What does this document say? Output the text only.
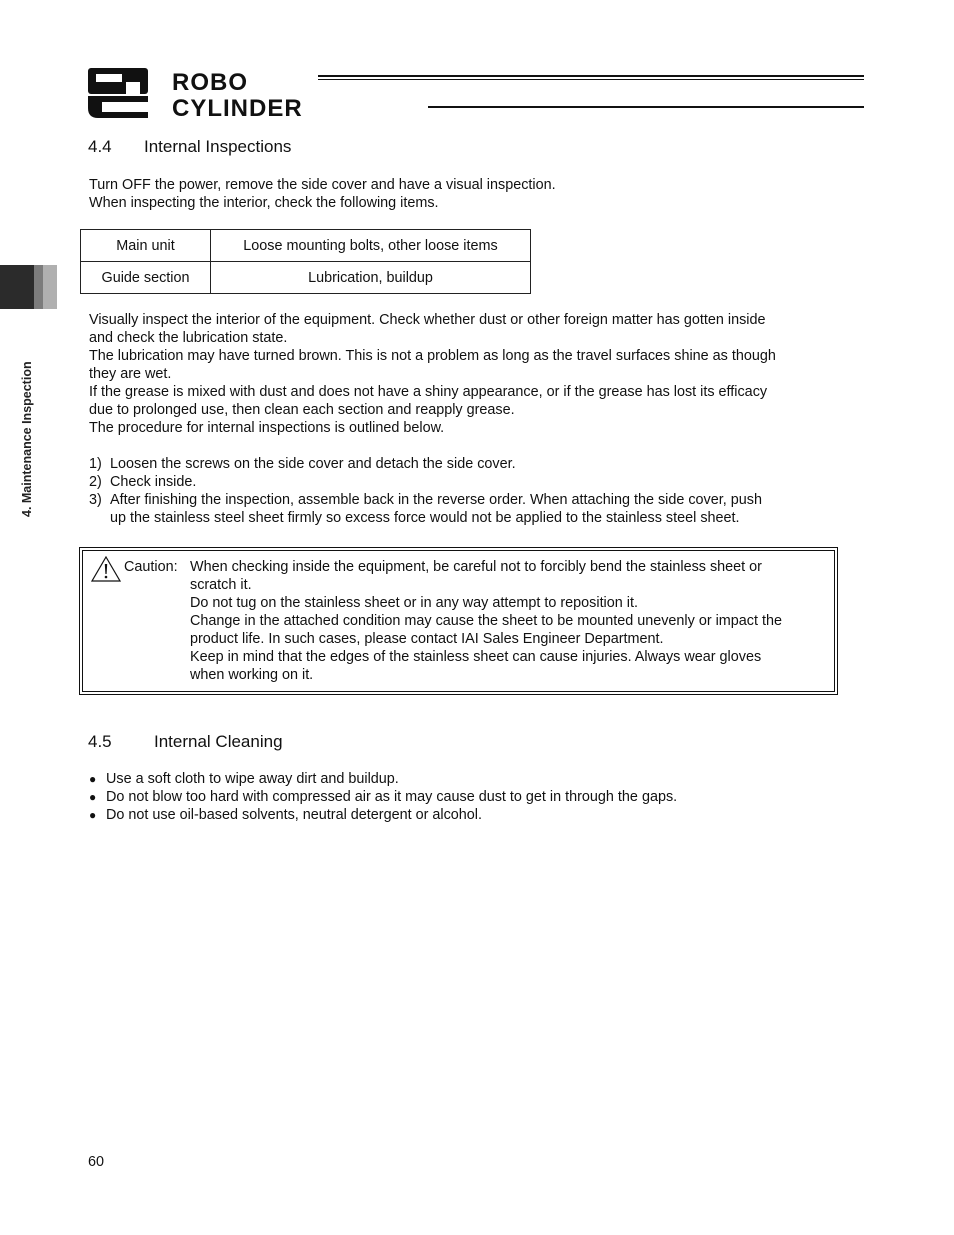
ROBO
CYLINDER
4. Maintenance Inspection
4.4 Internal Inspections
Turn OFF the power, remove the side cover and have a visual inspection.
When inspecting the interior, check the following items.
Main unit	Loose mounting bolts, other loose items
Guide section	Lubrication, buildup
Visually inspect the interior of the equipment. Check whether dust or other foreign matter has gotten inside
and check the lubrication state.
The lubrication may have turned brown. This is not a problem as long as the travel surfaces shine as though
they are wet.
If the grease is mixed with dust and does not have a shiny appearance, or if the grease has lost its efficacy
due to prolonged use, then clean each section and reapply grease.
The procedure for internal inspections is outlined below.
1) Loosen the screws on the side cover and detach the side cover.
2) Check inside.
3) After finishing the inspection, assemble back in the reverse order. When attaching the side cover, push
up the stainless steel sheet firmly so excess force would not be applied to the stainless steel sheet.
Caution: When checking inside the equipment, be careful not to forcibly bend the stainless sheet or
scratch it.
Do not tug on the stainless sheet or in any way attempt to reposition it.
Change in the attached condition may cause the sheet to be mounted unevenly or impact the
product life. In such cases, please contact IAI Sales Engineer Department.
Keep in mind that the edges of the stainless sheet can cause injuries. Always wear gloves
when working on it.
4.5 Internal Cleaning
● Use a soft cloth to wipe away dirt and buildup.
● Do not blow too hard with compressed air as it may cause dust to get in through the gaps.
● Do not use oil-based solvents, neutral detergent or alcohol.
60
